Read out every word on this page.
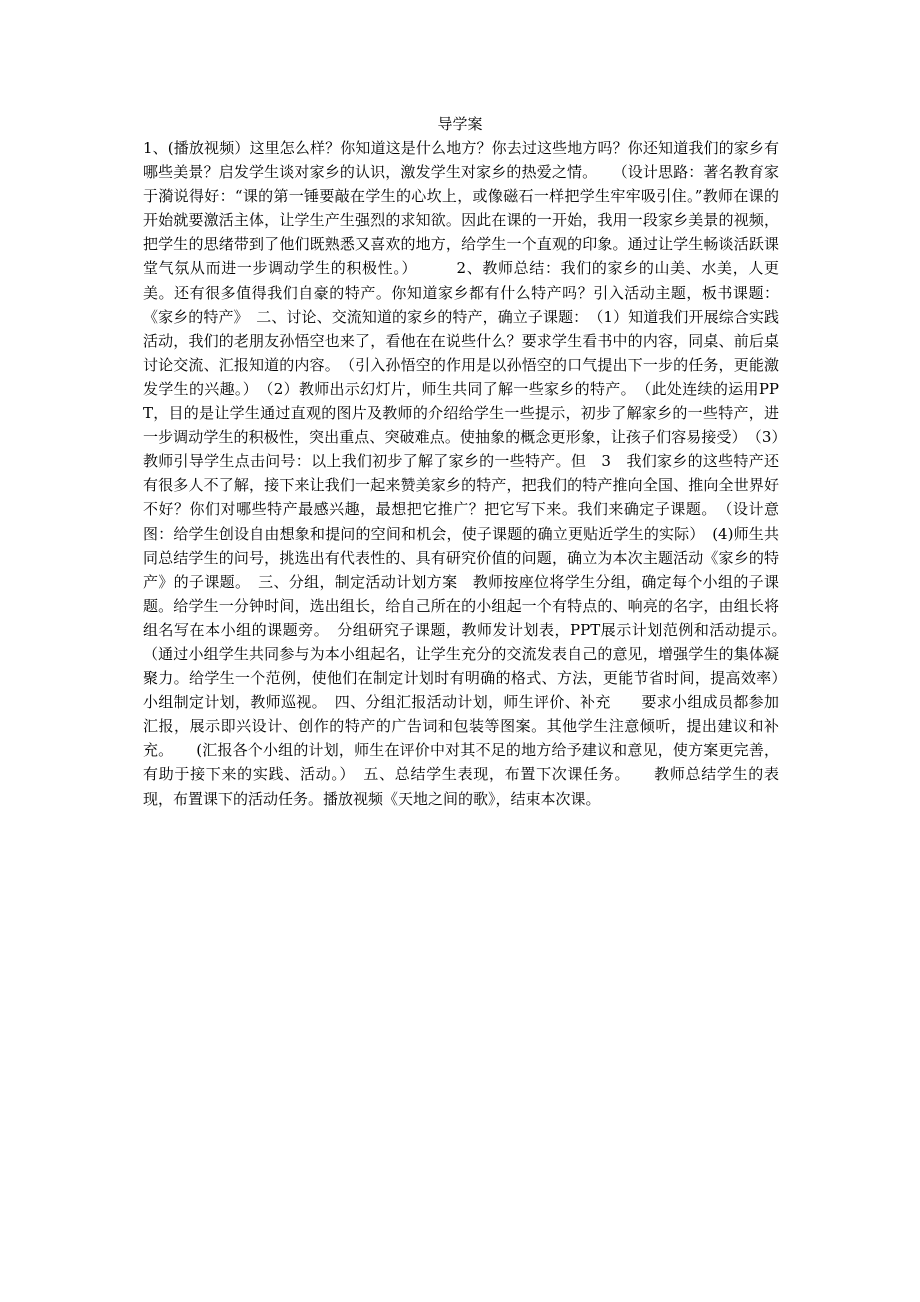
导学案

1、(播放视频）这里怎么样？你知道这是什么地方？你去过这些地方吗？你还知道我们的家乡有哪些美景？启发学生谈对家乡的认识，激发学生对家乡的热爱之情。　　（设计思路：著名教育家于漪说得好：“课的第一锤要敲在学生的心坎上，或像磁石一样把学生牢牢吸引住。”教师在课的开始就要激活主体，让学生产生强烈的求知欲。因此在课的一开始，我用一段家乡美景的视频，把学生的思绪带到了他们既熟悉又喜欢的地方，给学生一个直观的印象。通过让学生畅谈活跃课堂气氛从而进一步调动学生的积极性。）　　　2、教师总结：我们的家乡的山美、水美，人更美。还有很多值得我们自豪的特产。你知道家乡都有什么特产吗？引入活动主题，板书课题：《家乡的特产》　二、讨论、交流知道的家乡的特产，确立子课题：　（1）知道我们开展综合实践活动，我们的老朋友孙悟空也来了，看他在在说些什么？要求学生看书中的内容，同桌、前后桌讨论交流、汇报知道的内容。　（引入孙悟空的作用是以孙悟空的口气提出下一步的任务，更能激发学生的兴趣。）　（2）教师出示幻灯片，师生共同了解一些家乡的特产。　（此处连续的运用PPT，目的是让学生通过直观的图片及教师的介绍给学生一些提示，初步了解家乡的一些特产，进一步调动学生的积极性，突出重点、突破难点。使抽象的概念更形象，让孩子们容易接受）　（3）教师引导学生点击问号：以上我们初步了解了家乡的一些特产。但　3　我们家乡的这些特产还有很多人不了解，接下来让我们一起来赞美家乡的特产，把我们的特产推向全国、推向全世界好不好？你们对哪些特产最感兴趣，最想把它推广？把它写下来。我们来确定子课题。　（设计意图：给学生创设自由想象和提问的空间和机会，使子课题的确立更贴近学生的实际）　(4)师生共同总结学生的问号，挑选出有代表性的、具有研究价值的问题，确立为本次主题活动《家乡的特产》的子课题。　三、分组，制定活动计划方案　教师按座位将学生分组，确定每个小组的子课题。给学生一分钟时间，选出组长，给自己所在的小组起一个有特点的、响亮的名字，由组长将组名写在本小组的课题旁。　分组研究子课题，教师发计划表，PPT展示计划范例和活动提示。　（通过小组学生共同参与为本小组起名，让学生充分的交流发表自己的意见，增强学生的集体凝聚力。给学生一个范例，使他们在制定计划时有明确的格式、方法，更能节省时间，提高效率）　　小组制定计划，教师巡视。　四、分组汇报活动计划，师生评价、补充　　要求小组成员都参加汇报，展示即兴设计、创作的特产的广告词和包装等图案。其他学生注意倾听，提出建议和补充。　　(汇报各个小组的计划，师生在评价中对其不足的地方给予建议和意见，使方案更完善，有助于接下来的实践、活动。）　五、总结学生表现，布置下次课任务。　　教师总结学生的表现，布置课下的活动任务。播放视频《天地之间的歌》，结束本次课。
